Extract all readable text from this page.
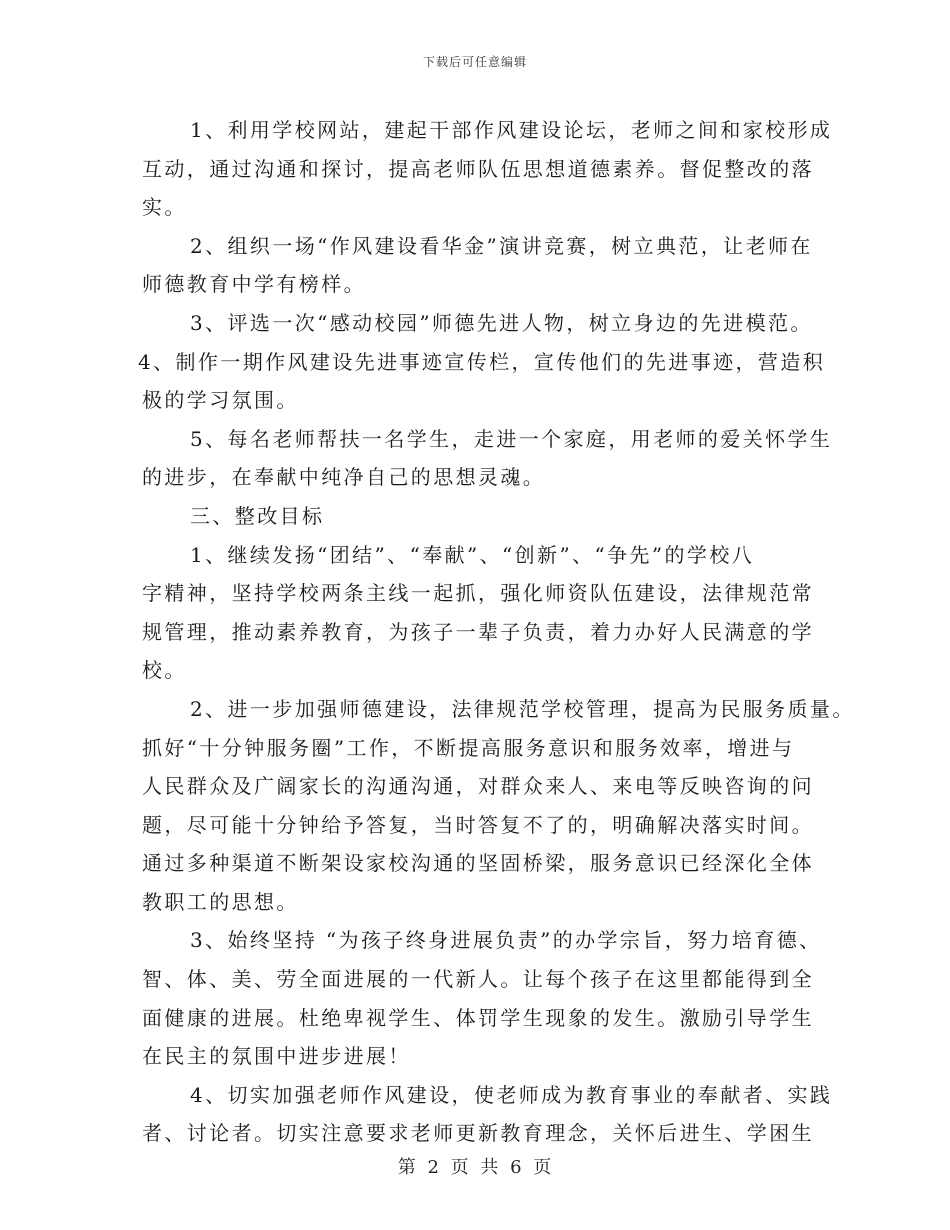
下载后可任意编辑
1、利用学校网站，建起干部作风建设论坛，老师之间和家校形成
互动，通过沟通和探讨，提高老师队伍思想道德素养。督促整改的落
实。
2、组织一场“作风建设看华金”演讲竞赛，树立典范，让老师在
师德教育中学有榜样。
3、评选一次“感动校园”师德先进人物，树立身边的先进模范。
4、制作一期作风建设先进事迹宣传栏，宣传他们的先进事迹，营造积
极的学习氛围。
5、每名老师帮扶一名学生，走进一个家庭，用老师的爱关怀学生
的进步，在奉献中纯净自己的思想灵魂。
三、整改目标
1、继续发扬“团结”、“奉献”、“创新”、“争先”的学校八
字精神，坚持学校两条主线一起抓，强化师资队伍建设，法律规范常
规管理，推动素养教育，为孩子一辈子负责，着力办好人民满意的学
校。
2、进一步加强师德建设，法律规范学校管理，提高为民服务质量。
抓好“十分钟服务圈”工作，不断提高服务意识和服务效率，增进与
人民群众及广阔家长的沟通沟通，对群众来人、来电等反映咨询的问
题，尽可能十分钟给予答复，当时答复不了的，明确解决落实时间。
通过多种渠道不断架设家校沟通的坚固桥梁，服务意识已经深化全体
教职工的思想。
3、始终坚持 “为孩子终身进展负责”的办学宗旨，努力培育德、
智、体、美、劳全面进展的一代新人。让每个孩子在这里都能得到全
面健康的进展。杜绝卑视学生、体罚学生现象的发生。激励引导学生
在民主的氛围中进步进展！
4、切实加强老师作风建设，使老师成为教育事业的奉献者、实践
者、讨论者。切实注意要求老师更新教育理念，关怀后进生、学困生
第 2 页 共 6 页
